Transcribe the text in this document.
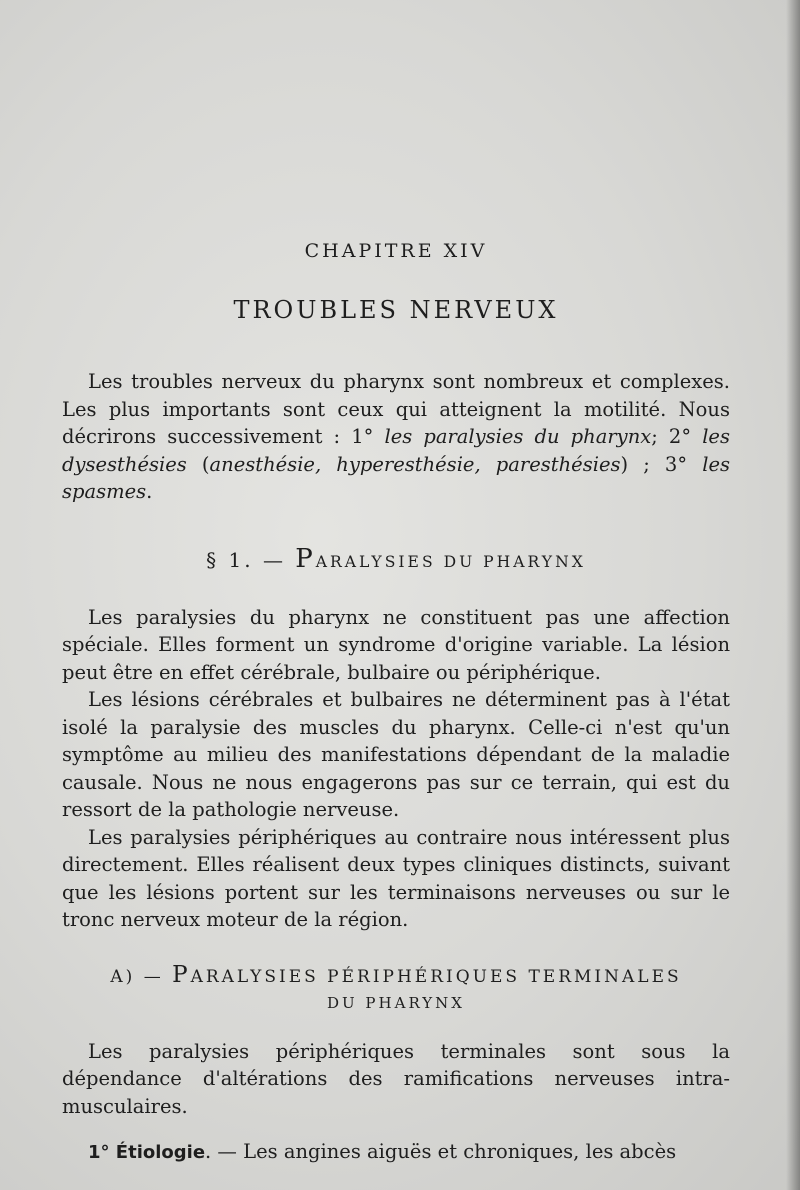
CHAPITRE XIV
TROUBLES NERVEUX

Les troubles nerveux du pharynx sont nombreux et complexes. Les plus importants sont ceux qui atteignent la motilité. Nous décrirons successivement : 1° les paralysies du pharynx; 2° les dysesthésies (anesthésie, hyperesthésie, paresthésies) ; 3° les spasmes.

§ 1. — PARALYSIES DU PHARYNX

Les paralysies du pharynx ne constituent pas une affection spéciale. Elles forment un syndrome d'origine variable. La lésion peut être en effet cérébrale, bulbaire ou périphérique.

Les lésions cérébrales et bulbaires ne déterminent pas à l'état isolé la paralysie des muscles du pharynx. Celle-ci n'est qu'un symptôme au milieu des manifestations dépendant de la maladie causale. Nous ne nous engagerons pas sur ce terrain, qui est du ressort de la pathologie nerveuse.

Les paralysies périphériques au contraire nous intéressent plus directement. Elles réalisent deux types cliniques distincts, suivant que les lésions portent sur les terminaisons nerveuses ou sur le tronc nerveux moteur de la région.

A) — PARALYSIES PÉRIPHÉRIQUES TERMINALES
DU PHARYNX

Les paralysies périphériques terminales sont sous la dépendance d'altérations des ramifications nerveuses intra-musculaires.

1° Étiologie. — Les angines aiguës et chroniques, les abcès
